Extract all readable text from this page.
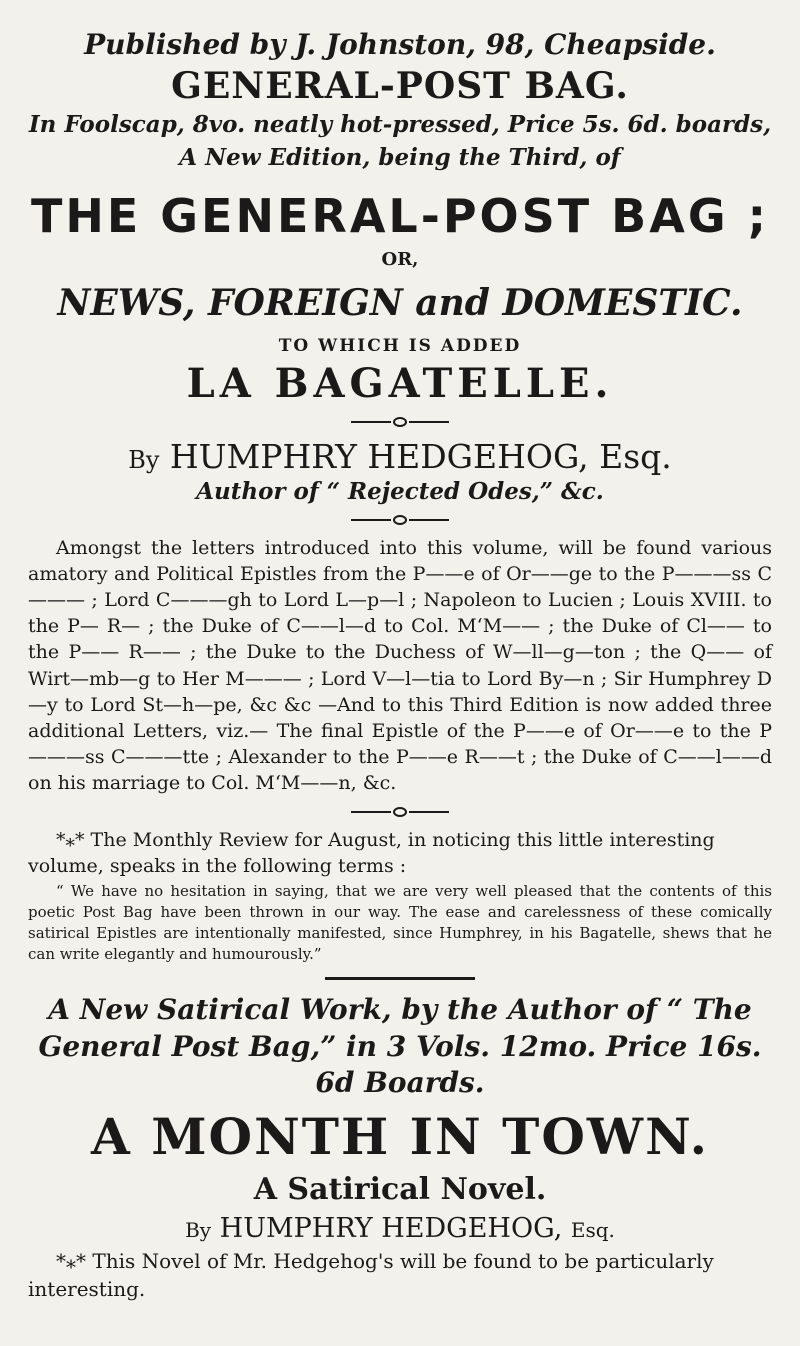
Published by J. Johnston, 98, Cheapside.

GENERAL-POST BAG.

In Foolscap, 8vo. neatly hot-pressed, Price 5s. 6d. boards,

A New Edition, being the Third, of

THE GENERAL-POST BAG ;

OR,

NEWS, FOREIGN and DOMESTIC.

TO WHICH IS ADDED

LA BAGATELLE.

By HUMPHRY HEDGEHOG, Esq.

Author of “ Rejected Odes,” &c.

Amongst the letters introduced into this volume, will be found various amatory and Political Epistles from the P——e of Or——ge to the P———ss C——— ; Lord C———gh to Lord L—p—l ; Napoleon to Lucien ; Louis XVIII. to the P— R— ; the Duke of C——l—d to Col. M‘M—— ; the Duke of Cl—— to the P—— R—— ; the Duke to the Duchess of W—ll—g—ton ; the Q—— of Wirt—mb—g to Her M——— ; Lord V—l—tia to Lord By—n ; Sir Humphrey D—y to Lord St—h—pe, &c &c —And to this Third Edition is now added three additional Letters, viz.— The final Epistle of the P——e of Or——e to the P———ss C———tte ; Alexander to the P——e R——t ; the Duke of C——l——d on his marriage to Col. M‘M——n, &c.

*⁎* The Monthly Review for August, in noticing this little interesting volume, speaks in the following terms :

“ We have no hesitation in saying, that we are very well pleased that the contents of this poetic Post Bag have been thrown in our way. The ease and carelessness of these comically satirical Epistles are intentionally manifested, since Humphrey, in his Bagatelle, shews that he can write elegantly and humourously.”

A New Satirical Work, by the Author of “ The General Post Bag,” in 3 Vols. 12mo. Price 16s. 6d Boards.

A MONTH IN TOWN.

A Satirical Novel.

By HUMPHRY HEDGEHOG, Esq.

*⁎* This Novel of Mr. Hedgehog's will be found to be particularly interesting.
